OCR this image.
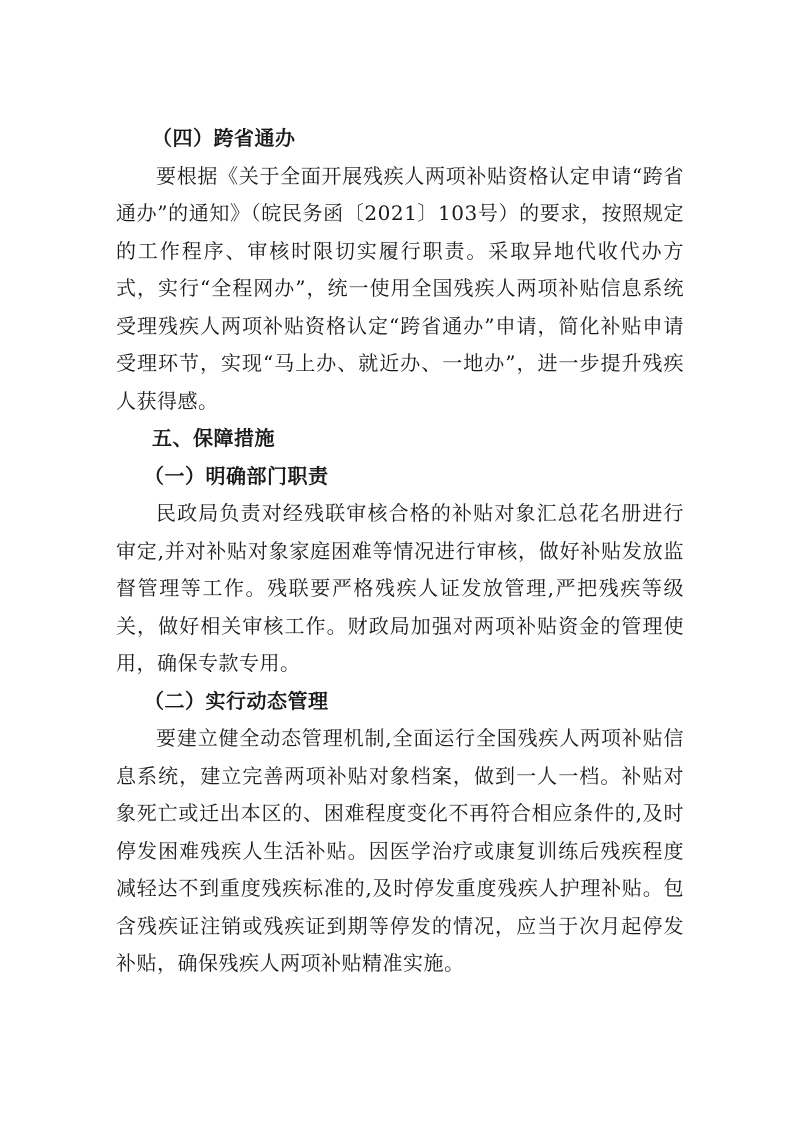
（四）跨省通办

要根据《关于全面开展残疾人两项补贴资格认定申请“跨省通办”的通知》（皖民务函〔2021〕103号）的要求，按照规定的工作程序、审核时限切实履行职责。采取异地代收代办方式，实行“全程网办”，统一使用全国残疾人两项补贴信息系统受理残疾人两项补贴资格认定“跨省通办”申请，简化补贴申请受理环节，实现“马上办、就近办、一地办”，进一步提升残疾人获得感。

五、保障措施

（一）明确部门职责

民政局负责对经残联审核合格的补贴对象汇总花名册进行审定,并对补贴对象家庭困难等情况进行审核，做好补贴发放监督管理等工作。残联要严格残疾人证发放管理,严把残疾等级关，做好相关审核工作。财政局加强对两项补贴资金的管理使用，确保专款专用。

（二）实行动态管理

要建立健全动态管理机制,全面运行全国残疾人两项补贴信息系统，建立完善两项补贴对象档案，做到一人一档。补贴对象死亡或迁出本区的、困难程度变化不再符合相应条件的,及时停发困难残疾人生活补贴。因医学治疗或康复训练后残疾程度减轻达不到重度残疾标准的,及时停发重度残疾人护理补贴。包含残疾证注销或残疾证到期等停发的情况，应当于次月起停发补贴，确保残疾人两项补贴精准实施。
